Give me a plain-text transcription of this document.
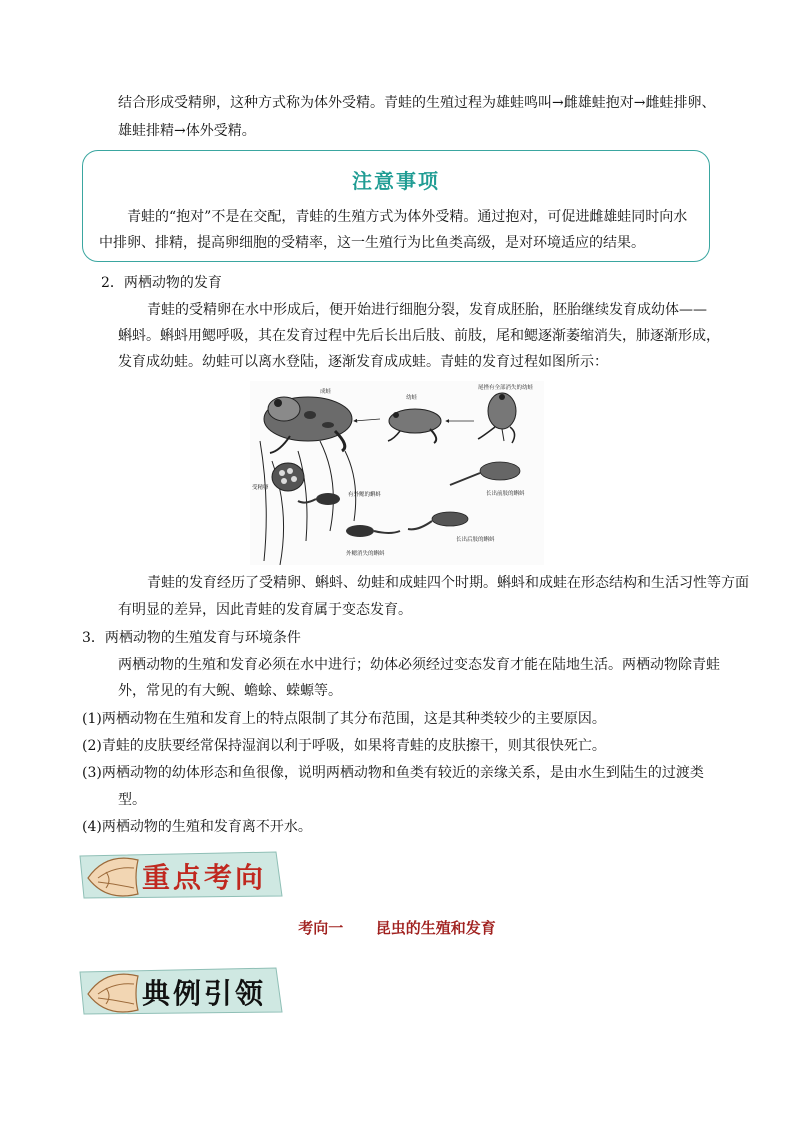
结合形成受精卵，这种方式称为体外受精。青蛙的生殖过程为雄蛙鸣叫→雌雄蛙抱对→雌蛙排卵、
雄蛙排精→体外受精。
注意事项
青蛙的“抱对”不是在交配，青蛙的生殖方式为体外受精。通过抱对，可促进雌雄蛙同时向水
中排卵、排精，提高卵细胞的受精率，这一生殖行为比鱼类高级，是对环境适应的结果。
2．两栖动物的发育
青蛙的受精卵在水中形成后，便开始进行细胞分裂，发育成胚胎，胚胎继续发育成幼体——
蝌蚪。蝌蚪用鳃呼吸，其在发育过程中先后长出后肢、前肢，尾和鳃逐渐萎缩消失，肺逐渐形成，
发育成幼蛙。幼蛙可以离水登陆，逐渐发育成成蛙。青蛙的发育过程如图所示：
成蛙
幼蛙
尾挫有全部消失的幼蛙
受精卵
有外鳃的蝌蚪	长出前肢的蝌蚪
外鳃消失的蝌蚪
长出后肢的蝌蚪
青蛙的发育经历了受精卵、蝌蚪、幼蛙和成蛙四个时期。蝌蚪和成蛙在形态结构和生活习性等方面
有明显的差异，因此青蛙的发育属于变态发育。
3．两栖动物的生殖发育与环境条件
两栖动物的生殖和发育必须在水中进行；幼体必须经过变态发育才能在陆地生活。两栖动物除青蛙
外，常见的有大鲵、蟾蜍、蝾螈等。
(1)两栖动物在生殖和发育上的特点限制了其分布范围，这是其种类较少的主要原因。
(2)青蛙的皮肤要经常保持湿润以利于呼吸，如果将青蛙的皮肤擦干，则其很快死亡。
(3)两栖动物的幼体形态和鱼很像，说明两栖动物和鱼类有较近的亲缘关系，是由水生到陆生的过渡类
型。
(4)两栖动物的生殖和发育离不开水。
重点考向
考向一 昆虫的生殖和发育
典例引领
